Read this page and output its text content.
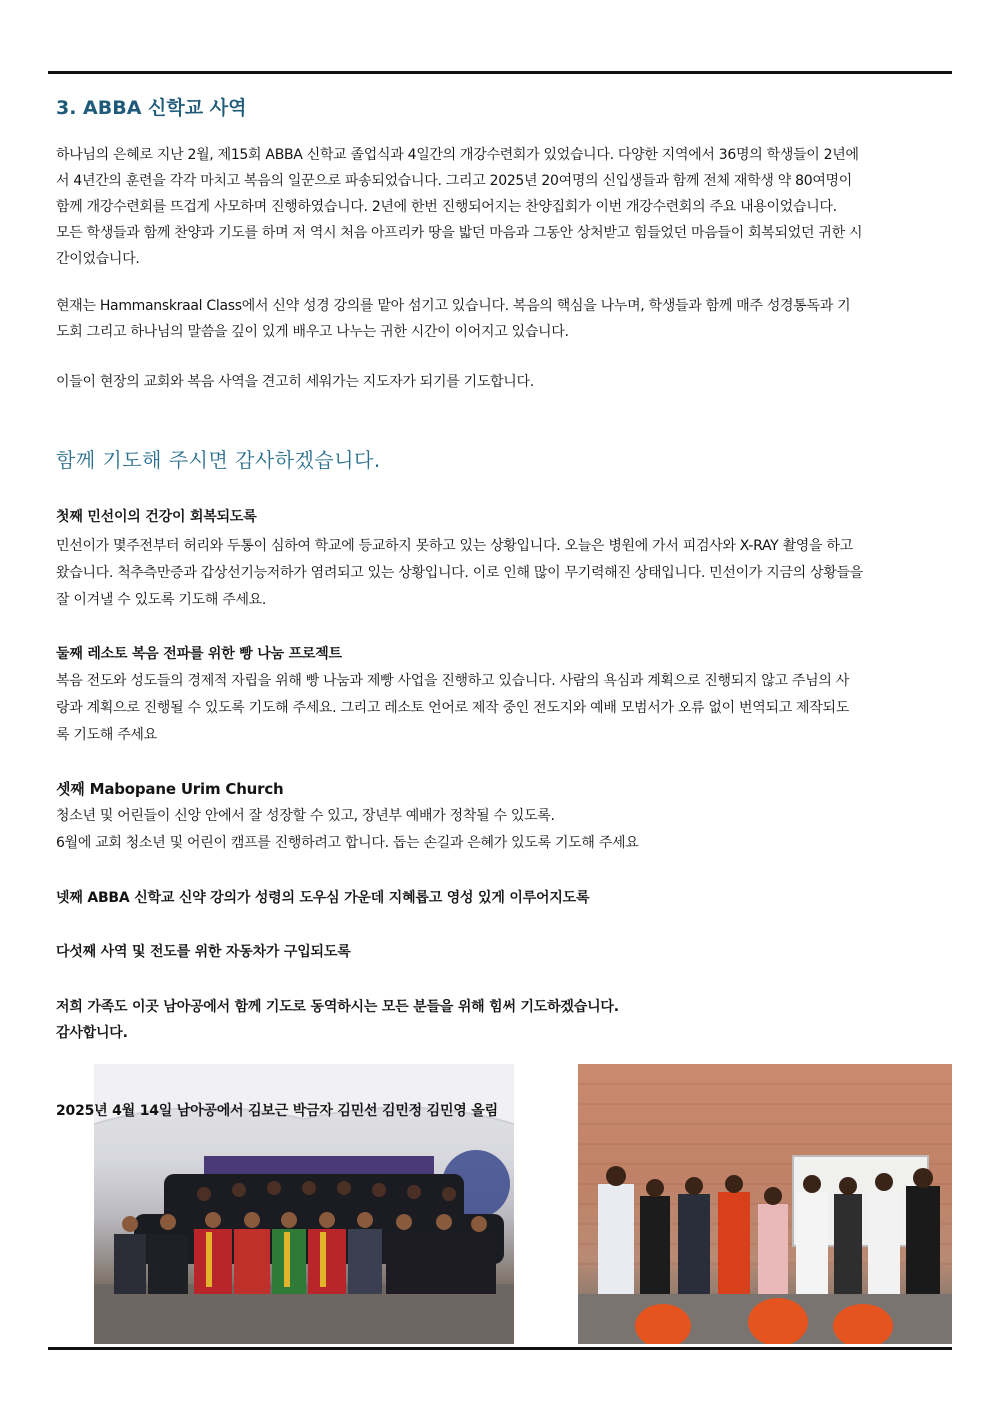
3. ABBA 신학교 사역
하나님의 은혜로 지난 2월, 제15회 ABBA 신학교 졸업식과 4일간의 개강수련회가 있었습니다. 다양한 지역에서 36명의 학생들이 2년에
서 4년간의 훈련을 각각 마치고 복음의 일꾼으로 파송되었습니다. 그리고 2025년 20여명의 신입생들과 함께 전체 재학생 약 80여명이
함께 개강수련회를 뜨겁게 사모하며 진행하였습니다. 2년에 한번 진행되어지는 찬양집회가 이번 개강수련회의 주요 내용이었습니다.
모든 학생들과 함께 찬양과 기도를 하며 저 역시 처음 아프리카 땅을 밟던 마음과 그동안 상처받고 힘들었던 마음들이 회복되었던 귀한 시
간이었습니다.
현재는 Hammanskraal Class에서 신약 성경 강의를 맡아 섬기고 있습니다. 복음의 핵심을 나누며, 학생들과 함께 매주 성경통독과 기
도회 그리고 하나님의 말씀을 깊이 있게 배우고 나누는 귀한 시간이 이어지고 있습니다.
이들이 현장의 교회와 복음 사역을 견고히 세워가는 지도자가 되기를 기도합니다.
함께 기도해 주시면 감사하겠습니다.
첫째 민선이의 건강이 회복되도록
민선이가 몇주전부터 허리와 두통이 심하여 학교에 등교하지 못하고 있는 상황입니다. 오늘은 병원에 가서 피검사와 X-RAY 촬영을 하고
왔습니다. 척추측만증과 갑상선기능저하가 염려되고 있는 상황입니다. 이로 인해 많이 무기력해진 상태입니다. 민선이가 지금의 상황들을
잘 이겨낼 수 있도록 기도해 주세요.
둘째 레소토 복음 전파를 위한 빵 나눔 프로젝트
복음 전도와 성도들의 경제적 자립을 위해 빵 나눔과 제빵 사업을 진행하고 있습니다. 사람의 욕심과 계획으로 진행되지 않고 주님의 사
랑과 계획으로 진행될 수 있도록 기도해 주세요. 그리고 레소토 언어로 제작 중인 전도지와 예배 모범서가 오류 없이 번역되고 제작되도
록 기도해 주세요
셋째 Mabopane Urim Church
청소년 및 어린들이 신앙 안에서 잘 성장할 수 있고, 장년부 예배가 정착될 수 있도록.
6월에 교회 청소년 및 어린이 캠프를 진행하려고 합니다. 돕는 손길과 은혜가 있도록 기도해 주세요
넷째 ABBA 신학교 신약 강의가 성령의 도우심 가운데 지혜롭고 영성 있게 이루어지도록
다섯째 사역 및 전도를 위한 자동차가 구입되도록
저희 가족도 이곳 남아공에서 함께 기도로 동역하시는 모든 분들을 위해 힘써 기도하겠습니다.
감사합니다.
2025년 4월 14일 남아공에서 김보근 박금자 김민선 김민정 김민영 올림
